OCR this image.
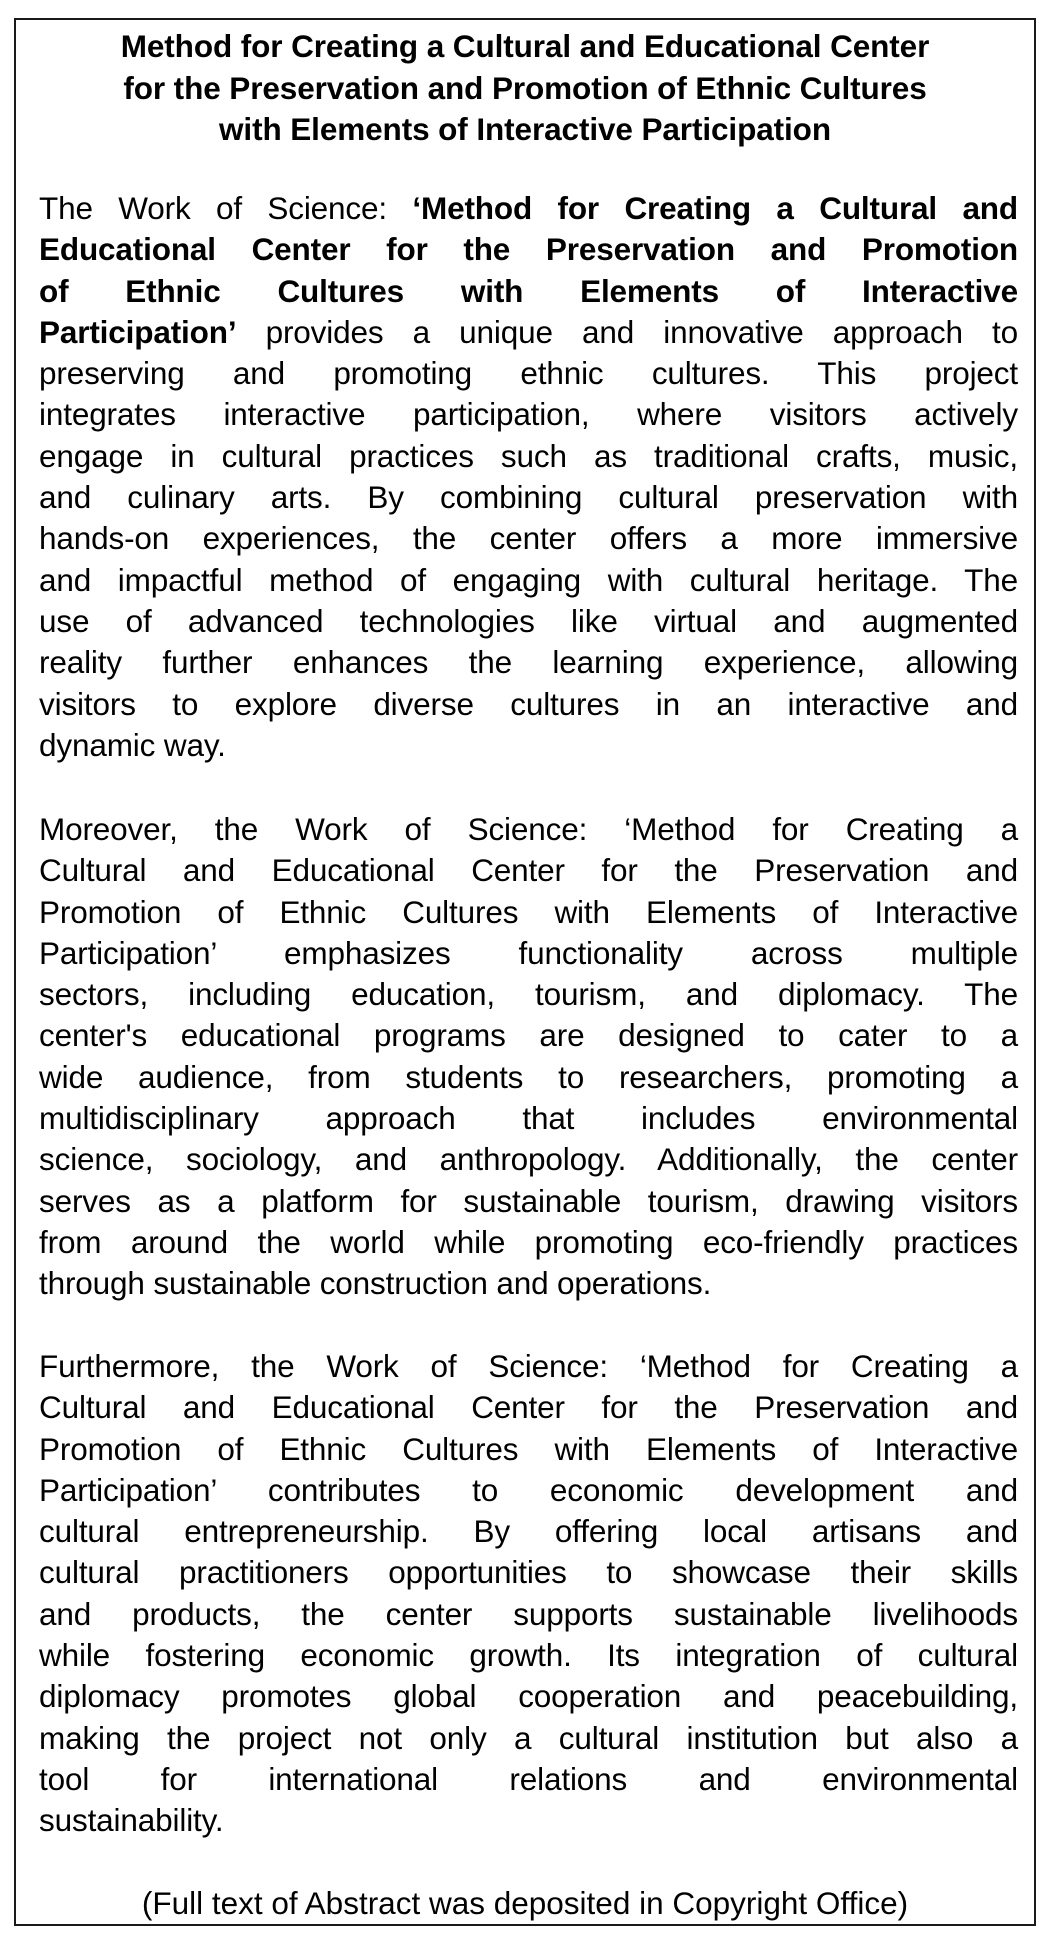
Method for Creating a Cultural and Educational Center
for the Preservation and Promotion of Ethnic Cultures
with Elements of Interactive Participation
The Work of Science: ‘Method for Creating a Cultural and
Educational Center for the Preservation and Promotion
of Ethnic Cultures with Elements of Interactive
Participation’ provides a unique and innovative approach to
preserving and promoting ethnic cultures. This project
integrates interactive participation, where visitors actively
engage in cultural practices such as traditional crafts, music,
and culinary arts. By combining cultural preservation with
hands-on experiences, the center offers a more immersive
and impactful method of engaging with cultural heritage. The
use of advanced technologies like virtual and augmented
reality further enhances the learning experience, allowing
visitors to explore diverse cultures in an interactive and
dynamic way.
Moreover, the Work of Science: ‘Method for Creating a
Cultural and Educational Center for the Preservation and
Promotion of Ethnic Cultures with Elements of Interactive
Participation’ emphasizes functionality across multiple
sectors, including education, tourism, and diplomacy. The
center's educational programs are designed to cater to a
wide audience, from students to researchers, promoting a
multidisciplinary approach that includes environmental
science, sociology, and anthropology. Additionally, the center
serves as a platform for sustainable tourism, drawing visitors
from around the world while promoting eco-friendly practices
through sustainable construction and operations.
Furthermore, the Work of Science: ‘Method for Creating a
Cultural and Educational Center for the Preservation and
Promotion of Ethnic Cultures with Elements of Interactive
Participation’ contributes to economic development and
cultural entrepreneurship. By offering local artisans and
cultural practitioners opportunities to showcase their skills
and products, the center supports sustainable livelihoods
while fostering economic growth. Its integration of cultural
diplomacy promotes global cooperation and peacebuilding,
making the project not only a cultural institution but also a
tool for international relations and environmental
sustainability.

(Full text of Abstract was deposited in Copyright Office)
